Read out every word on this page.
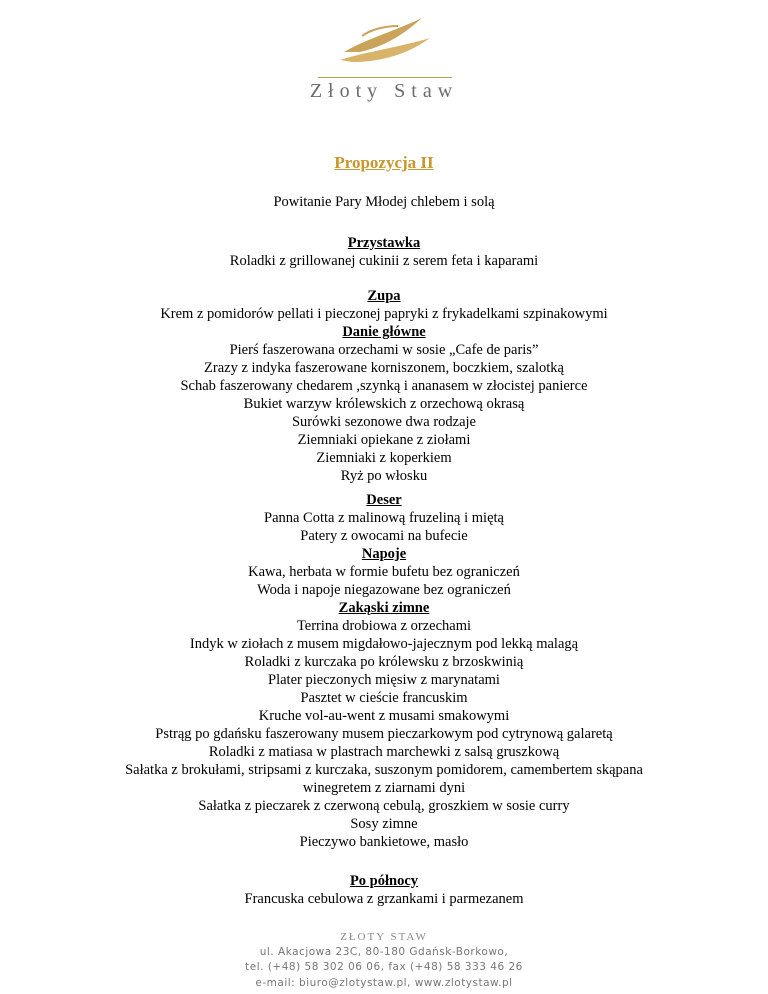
Złoty Staw
Propozycja II
Powitanie Pary Młodej chlebem i solą
Przystawka
Roladki z grillowanej cukinii z serem feta i kaparami
Zupa
Krem z pomidorów pellati i pieczonej papryki z frykadelkami szpinakowymi
Danie główne
Pierś faszerowana orzechami w sosie „Cafe de paris”
Zrazy z indyka faszerowane korniszonem, boczkiem, szalotką
Schab faszerowany chedarem ,szynką i ananasem w złocistej panierce
Bukiet warzyw królewskich z orzechową okrasą
Surówki sezonowe dwa rodzaje
Ziemniaki opiekane z ziołami
Ziemniaki z koperkiem
Ryż po włosku
Deser
Panna Cotta z malinową fruzeliną i miętą
Patery z owocami na bufecie
Napoje
Kawa, herbata w formie bufetu bez ograniczeń
Woda i napoje niegazowane bez ograniczeń
Zakąski zimne
Terrina drobiowa z orzechami
Indyk w ziołach z musem migdałowo-jajecznym pod lekką malagą
Roladki z kurczaka po królewsku z brzoskwinią
Plater pieczonych mięsiw z marynatami
Pasztet w cieście francuskim
Kruche vol-au-went z musami smakowymi
Pstrąg po gdańsku faszerowany musem pieczarkowym pod cytrynową galaretą
Roladki z matiasa w plastrach marchewki z salsą gruszkową
Sałatka z brokułami, stripsami z kurczaka, suszonym pomidorem, camembertem skąpana
winegretem z ziarnami dyni
Sałatka z pieczarek z czerwoną cebulą, groszkiem w sosie curry
Sosy zimne
Pieczywo bankietowe, masło
Po północy
Francuska cebulowa z grzankami i parmezanem
ZŁOTY STAW
ul. Akacjowa 23C, 80-180 Gdańsk-Borkowo,
tel. (+48) 58 302 06 06, fax (+48) 58 333 46 26
e-mail: biuro@zlotystaw.pl, www.zlotystaw.pl
